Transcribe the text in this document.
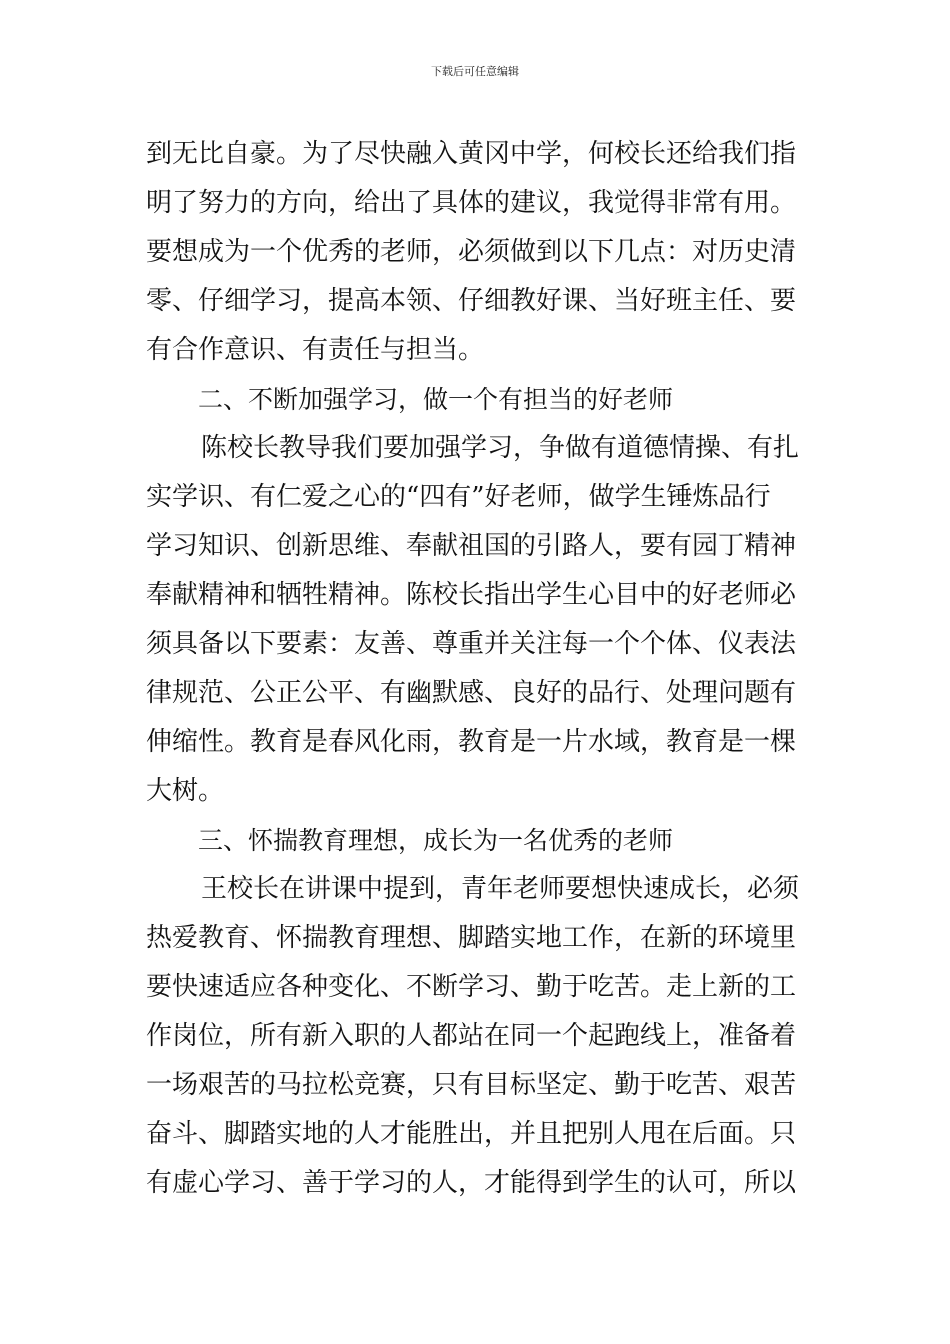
下载后可任意编辑
到无比自豪。为了尽快融入黄冈中学，何校长还给我们指
明了努力的方向，给出了具体的建议，我觉得非常有用。
要想成为一个优秀的老师，必须做到以下几点：对历史清
零、仔细学习，提高本领、仔细教好课、当好班主任、要
有合作意识、有责任与担当。
二、不断加强学习，做一个有担当的好老师
陈校长教导我们要加强学习，争做有道德情操、有扎
实学识、有仁爱之心的“四有”好老师，做学生锤炼品行
学习知识、创新思维、奉献祖国的引路人，要有园丁精神
奉献精神和牺牲精神。陈校长指出学生心目中的好老师必
须具备以下要素：友善、尊重并关注每一个个体、仪表法
律规范、公正公平、有幽默感、良好的品行、处理问题有
伸缩性。教育是春风化雨，教育是一片水域，教育是一棵
大树。
三、怀揣教育理想，成长为一名优秀的老师
王校长在讲课中提到，青年老师要想快速成长，必须
热爱教育、怀揣教育理想、脚踏实地工作，在新的环境里
要快速适应各种变化、不断学习、勤于吃苦。走上新的工
作岗位，所有新入职的人都站在同一个起跑线上，准备着
一场艰苦的马拉松竞赛，只有目标坚定、勤于吃苦、艰苦
奋斗、脚踏实地的人才能胜出，并且把别人甩在后面。只
有虚心学习、善于学习的人，才能得到学生的认可，所以
